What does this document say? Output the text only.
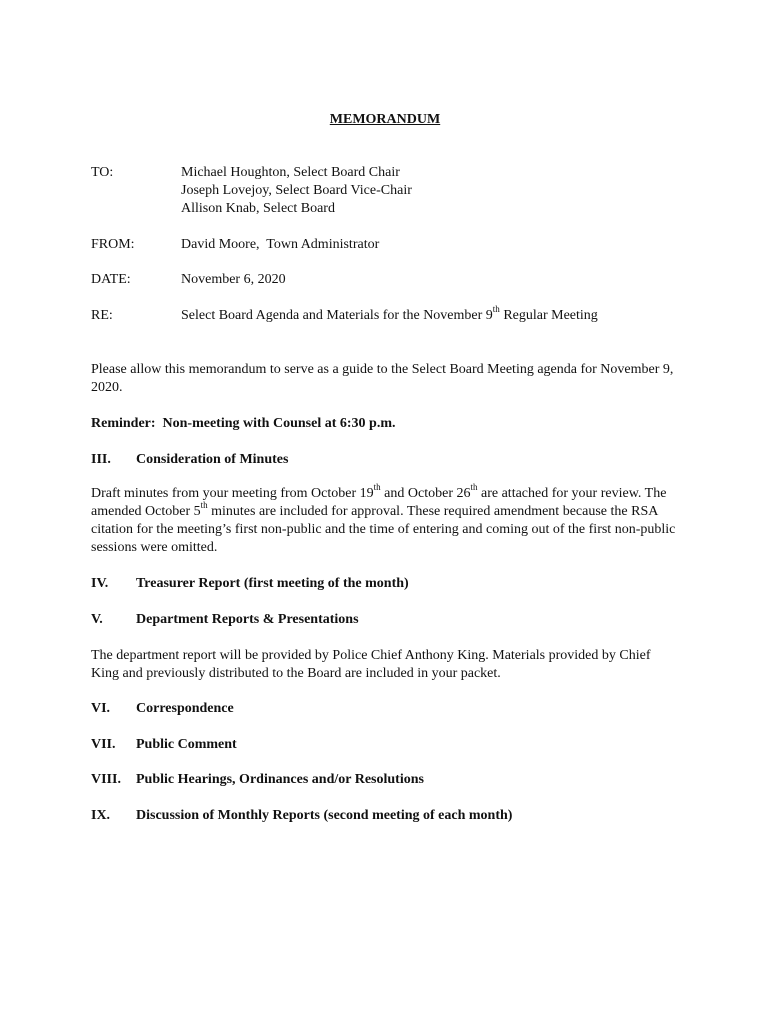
MEMORANDUM
TO:	Michael Houghton, Select Board Chair
Joseph Lovejoy, Select Board Vice-Chair
Allison Knab, Select Board
FROM:	David Moore,  Town Administrator
DATE:	November 6, 2020
RE:	Select Board Agenda and Materials for the November 9th Regular Meeting
Please allow this memorandum to serve as a guide to the Select Board Meeting agenda for November 9, 2020.
Reminder:  Non-meeting with Counsel at 6:30 p.m.
III. Consideration of Minutes
Draft minutes from your meeting from October 19th and October 26th are attached for your review. The amended October 5th minutes are included for approval. These required amendment because the RSA citation for the meeting’s first non-public and the time of entering and coming out of the first non-public sessions were omitted.
IV. Treasurer Report (first meeting of the month)
V. Department Reports & Presentations
The department report will be provided by Police Chief Anthony King. Materials provided by Chief King and previously distributed to the Board are included in your packet.
VI. Correspondence
VII. Public Comment
VIII. Public Hearings, Ordinances and/or Resolutions
IX. Discussion of Monthly Reports (second meeting of each month)
